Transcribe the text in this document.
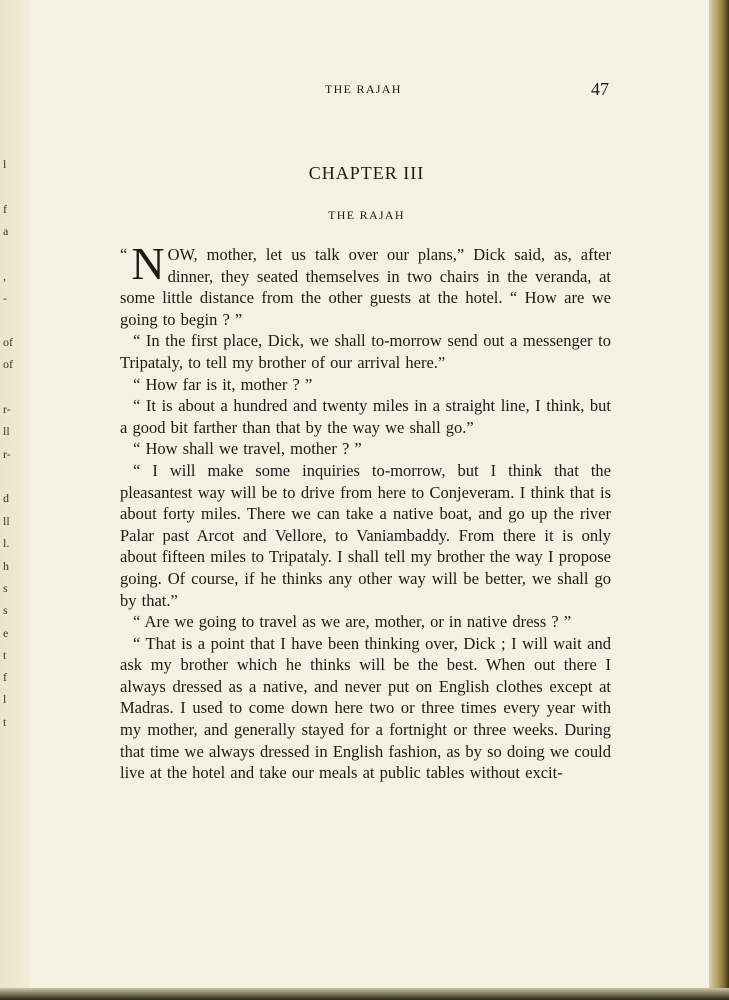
l
f
a
,
-
of
of
r-
ll
r-
d
ll
l.
h
s
s
e
t
f
l
t
THE RAJAH	47
CHAPTER III
THE RAJAH

“ N OW, mother, let us talk over our plans,” Dick said, as, after dinner, they seated themselves in two chairs in the veranda, at some little distance from the other guests at the hotel. “ How are we going to begin ? ”

“ In the first place, Dick, we shall to-morrow send out a messenger to Tripataly, to tell my brother of our arrival here.”

“ How far is it, mother ? ”

“ It is about a hundred and twenty miles in a straight line, I think, but a good bit farther than that by the way we shall go.”

“ How shall we travel, mother ? ”

“ I will make some inquiries to-morrow, but I think that the pleasantest way will be to drive from here to Conjeveram. I think that is about forty miles. There we can take a native boat, and go up the river Palar past Arcot and Vellore, to Vaniambaddy. From there it is only about fifteen miles to Tripataly. I shall tell my brother the way I propose going. Of course, if he thinks any other way will be better, we shall go by that.”

“ Are we going to travel as we are, mother, or in native dress ? ”

“ That is a point that I have been thinking over, Dick ; I will wait and ask my brother which he thinks will be the best. When out there I always dressed as a native, and never put on English clothes except at Madras. I used to come down here two or three times every year with my mother, and generally stayed for a fortnight or three weeks. During that time we always dressed in English fashion, as by so doing we could live at the hotel and take our meals at public tables without excit-
